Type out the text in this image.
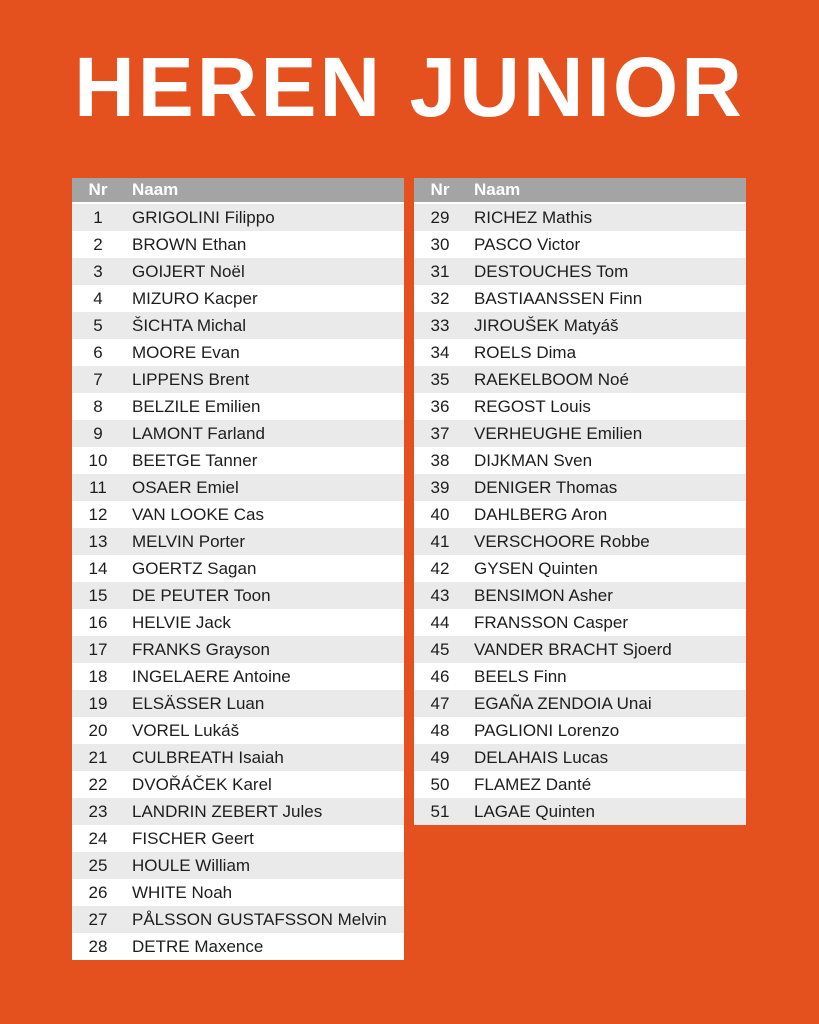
HEREN JUNIOR
Nr	Naam
1	GRIGOLINI Filippo
2	BROWN Ethan
3	GOIJERT Noël
4	MIZURO Kacper
5	ŠICHTA Michal
6	MOORE Evan
7	LIPPENS Brent
8	BELZILE Emilien
9	LAMONT Farland
10	BEETGE Tanner
11	OSAER Emiel
12	VAN LOOKE Cas
13	MELVIN Porter
14	GOERTZ Sagan
15	DE PEUTER Toon
16	HELVIE Jack
17	FRANKS Grayson
18	INGELAERE Antoine
19	ELSÄSSER Luan
20	VOREL Lukáš
21	CULBREATH Isaiah
22	DVOŘÁČEK Karel
23	LANDRIN ZEBERT Jules
24	FISCHER Geert
25	HOULE William
26	WHITE Noah
27	PÅLSSON GUSTAFSSON Melvin
28	DETRE Maxence
Nr	Naam
29	RICHEZ Mathis
30	PASCO Victor
31	DESTOUCHES Tom
32	BASTIAANSSEN Finn
33	JIROUŠEK Matyáš
34	ROELS Dima
35	RAEKELBOOM Noé
36	REGOST Louis
37	VERHEUGHE Emilien
38	DIJKMAN Sven
39	DENIGER Thomas
40	DAHLBERG Aron
41	VERSCHOORE Robbe
42	GYSEN Quinten
43	BENSIMON Asher
44	FRANSSON Casper
45	VANDER BRACHT Sjoerd
46	BEELS Finn
47	EGAÑA ZENDOIA Unai
48	PAGLIONI Lorenzo
49	DELAHAIS Lucas
50	FLAMEZ Danté
51	LAGAE Quinten
